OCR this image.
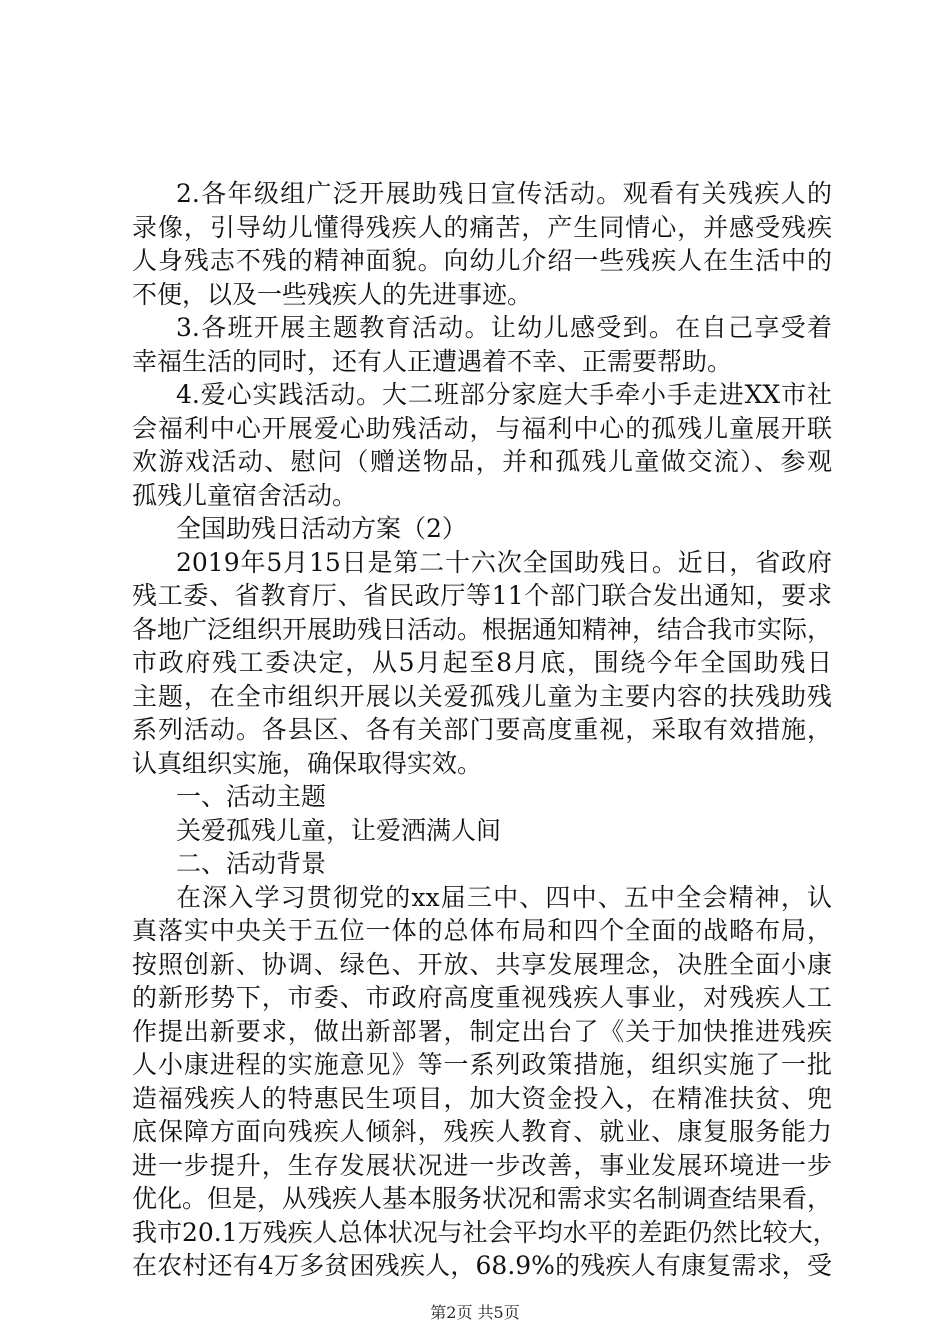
2.各年级组广泛开展助残日宣传活动。观看有关残疾人的
录像，引导幼儿懂得残疾人的痛苦，产生同情心，并感受残疾
人身残志不残的精神面貌。向幼儿介绍一些残疾人在生活中的
不便，以及一些残疾人的先进事迹。
3.各班开展主题教育活动。让幼儿感受到。在自己享受着
幸福生活的同时，还有人正遭遇着不幸、正需要帮助。
4.爱心实践活动。大二班部分家庭大手牵小手走进XX市社
会福利中心开展爱心助残活动，与福利中心的孤残儿童展开联
欢游戏活动、慰问（赠送物品，并和孤残儿童做交流）、参观
孤残儿童宿舍活动。
全国助残日活动方案（2）
2019年5月15日是第二十六次全国助残日。近日，省政府
残工委、省教育厅、省民政厅等11个部门联合发出通知，要求
各地广泛组织开展助残日活动。根据通知精神，结合我市实际，
市政府残工委决定，从5月起至8月底，围绕今年全国助残日
主题，在全市组织开展以关爱孤残儿童为主要内容的扶残助残
系列活动。各县区、各有关部门要高度重视，采取有效措施，
认真组织实施，确保取得实效。
一、活动主题
关爱孤残儿童，让爱洒满人间
二、活动背景
在深入学习贯彻党的xx届三中、四中、五中全会精神，认
真落实中央关于五位一体的总体布局和四个全面的战略布局，
按照创新、协调、绿色、开放、共享发展理念，决胜全面小康
的新形势下，市委、市政府高度重视残疾人事业，对残疾人工
作提出新要求，做出新部署，制定出台了《关于加快推进残疾
人小康进程的实施意见》等一系列政策措施，组织实施了一批
造福残疾人的特惠民生项目，加大资金投入，在精准扶贫、兜
底保障方面向残疾人倾斜，残疾人教育、就业、康复服务能力
进一步提升，生存发展状况进一步改善，事业发展环境进一步
优化。但是，从残疾人基本服务状况和需求实名制调查结果看，
我市20.1万残疾人总体状况与社会平均水平的差距仍然比较大，
在农村还有4万多贫困残疾人，68.9%的残疾人有康复需求，受
第2页 共5页
